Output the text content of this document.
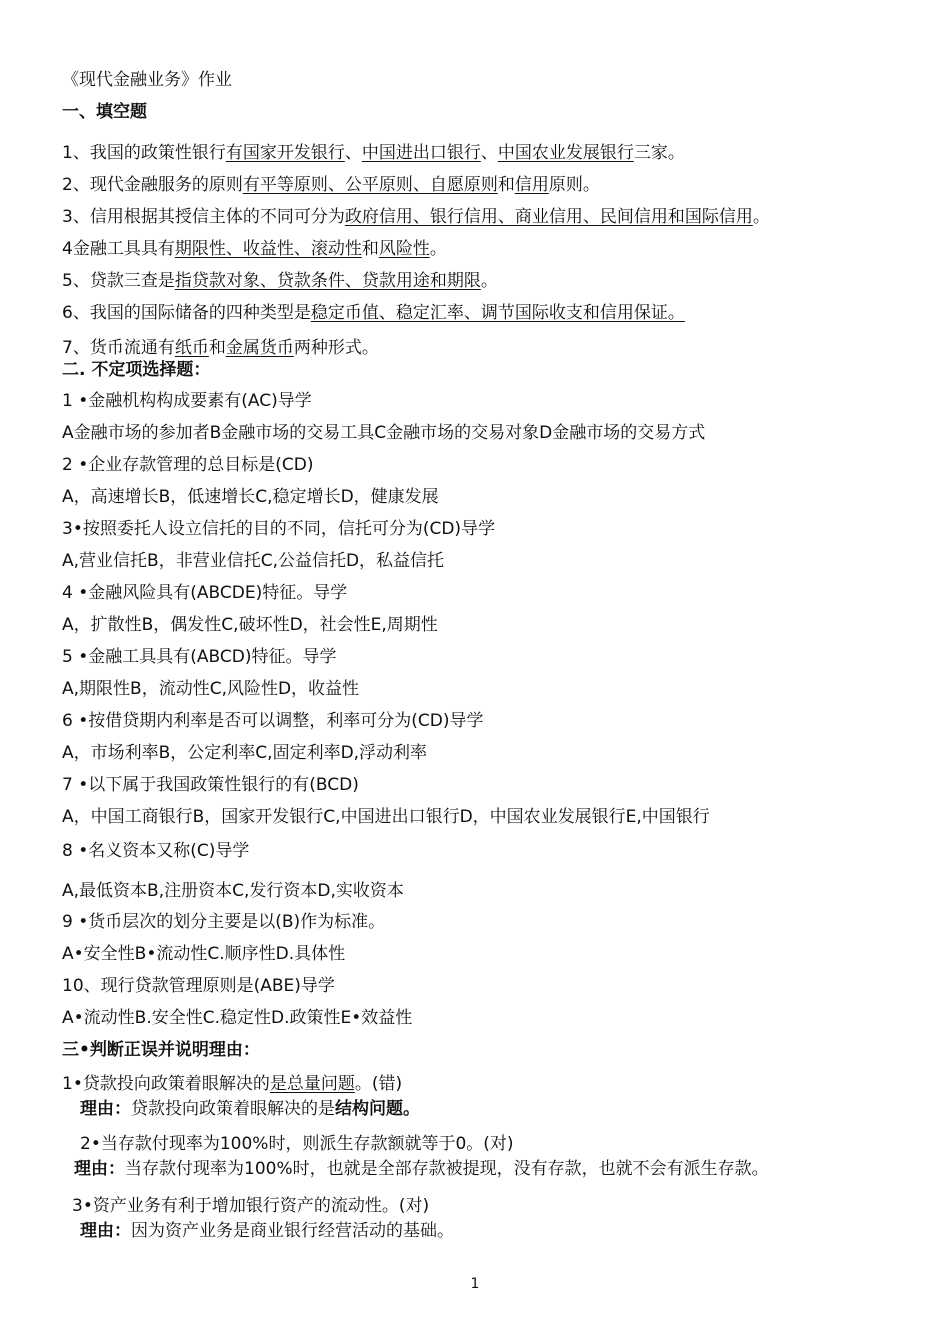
《现代金融业务》作业
一、填空题
1、我国的政策性银行有国家开发银行、中国进出口银行、中国农业发展银行三家。
2、现代金融服务的原则有平等原则、公平原则、自愿原则和信用原则。
3、信用根据其授信主体的不同可分为政府信用、银行信用、商业信用、民间信用和国际信用。
4金融工具具有期限性、收益性、滚动性和风险性。
5、贷款三查是指贷款对象、贷款条件、贷款用途和期限。
6、我国的国际储备的四种类型是稳定币值、稳定汇率、调节国际收支和信用保证。
7、货币流通有纸币和金属货币两种形式。
二. 不定项选择题：
1 •金融机构构成要素有(AC)导学
A金融市场的参加者B金融市场的交易工具C金融市场的交易对象D金融市场的交易方式
2 •企业存款管理的总目标是(CD)
A，高速增长B，低速增长C,稳定增长D，健康发展
3•按照委托人设立信托的目的不同，信托可分为(CD)导学
A,营业信托B，非营业信托C,公益信托D，私益信托
4 •金融风险具有(ABCDE)特征。导学
A，扩散性B，偶发性C,破坏性D，社会性E,周期性
5 •金融工具具有(ABCD)特征。导学
A,期限性B，流动性C,风险性D，收益性
6 •按借贷期内利率是否可以调整，利率可分为(CD)导学
A，市场利率B，公定利率C,固定利率D,浮动利率
7 •以下属于我国政策性银行的有(BCD)
A，中国工商银行B，国家开发银行C,中国进出口银行D，中国农业发展银行E,中国银行
8 •名义资本又称(C)导学
A,最低资本B,注册资本C,发行资本D,实收资本
9 •货币层次的划分主要是以(B)作为标准。
A•安全性B•流动性C.顺序性D.具体性
10、现行贷款管理原则是(ABE)导学
A•流动性B.安全性C.稳定性D.政策性E•效益性
三•判断正误并说明理由：
1•贷款投向政策着眼解决的是总量问题。(错)
理由：贷款投向政策着眼解决的是结构问题。
2•当存款付现率为100%时，则派生存款额就等于0。(对)
理由：当存款付现率为100%时，也就是全部存款被提现，没有存款，也就不会有派生存款。
3•资产业务有利于增加银行资产的流动性。(对)
理由：因为资产业务是商业银行经营活动的基础。
1
